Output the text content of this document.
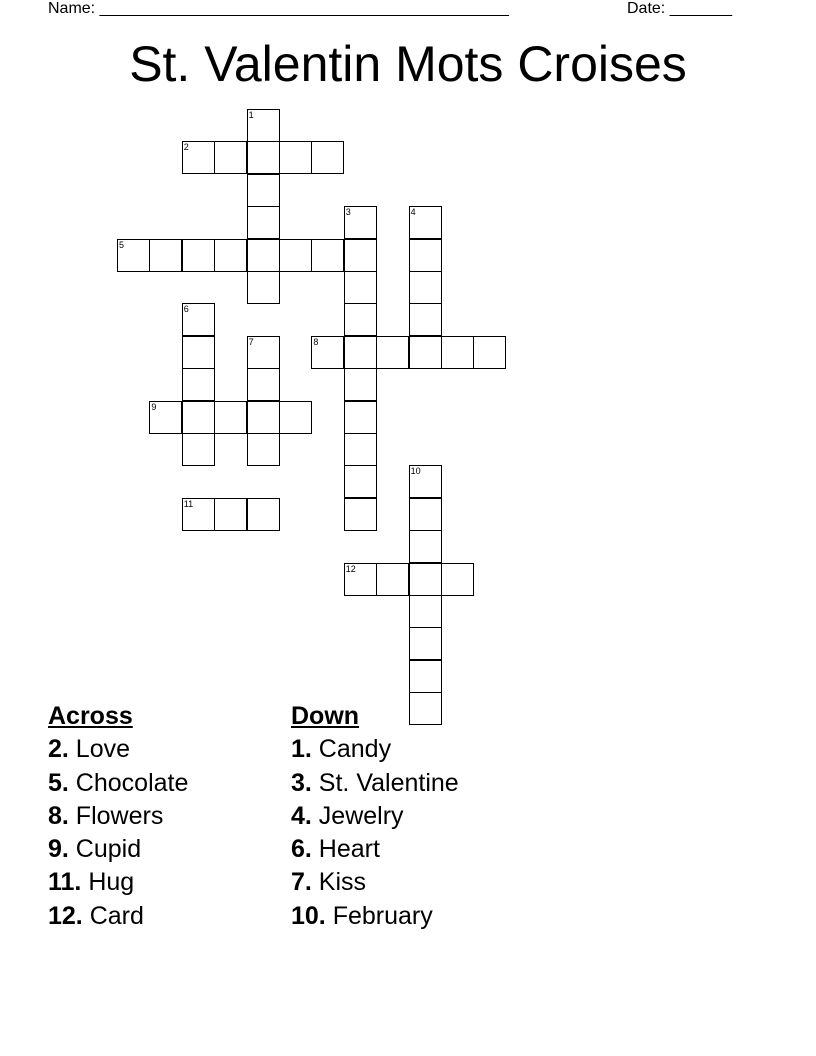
Name: ______________________________________________	Date: _______
St. Valentin Mots Croises
1
2
3	4
5
6
7	8
9
10
11
12
Across
2. Love
5. Chocolate
8. Flowers
9. Cupid
11. Hug
12. Card
Down
1. Candy
3. St. Valentine
4. Jewelry
6. Heart
7. Kiss
10. February
